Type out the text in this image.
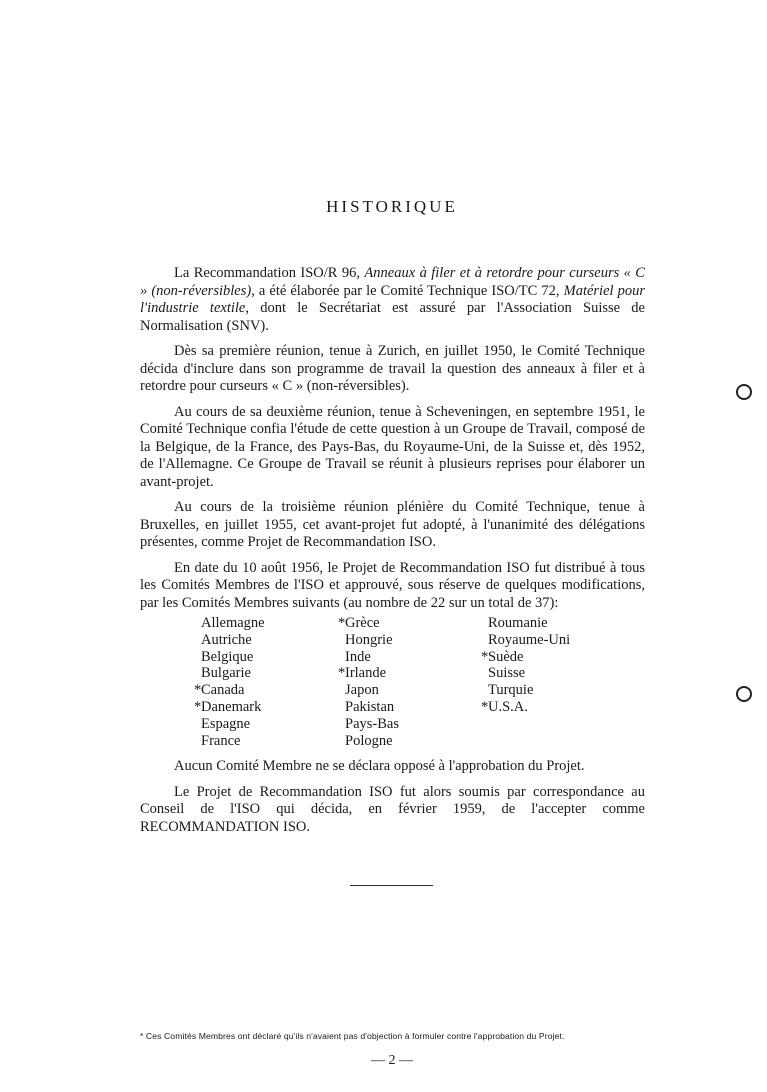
HISTORIQUE

La Recommandation ISO/R 96, Anneaux à filer et à retordre pour curseurs « C » (non-réversibles), a été élaborée par le Comité Technique ISO/TC 72, Matériel pour l'industrie textile, dont le Secrétariat est assuré par l'Association Suisse de Normalisation (SNV).

Dès sa première réunion, tenue à Zurich, en juillet 1950, le Comité Technique décida d'inclure dans son programme de travail la question des anneaux à filer et à retordre pour curseurs « C » (non-réversibles).

Au cours de sa deuxième réunion, tenue à Scheveningen, en septembre 1951, le Comité Technique confia l'étude de cette question à un Groupe de Travail, composé de la Belgique, de la France, des Pays-Bas, du Royaume-Uni, de la Suisse et, dès 1952, de l'Allemagne. Ce Groupe de Travail se réunit à plusieurs reprises pour élaborer un avant-projet.

Au cours de la troisième réunion plénière du Comité Technique, tenue à Bruxelles, en juillet 1955, cet avant-projet fut adopté, à l'unanimité des délégations présentes, comme Projet de Recommandation ISO.

En date du 10 août 1956, le Projet de Recommandation ISO fut distribué à tous les Comités Membres de l'ISO et approuvé, sous réserve de quelques modifications, par les Comités Membres suivants (au nombre de 22 sur un total de 37):

Allemagne
Autriche
Belgique
Bulgarie
*Canada
*Danemark
Espagne
France
*Grèce
Hongrie
Inde
*Irlande
Japon
Pakistan
Pays-Bas
Pologne
Roumanie
Royaume-Uni
*Suède
Suisse
Turquie
*U.S.A.

Aucun Comité Membre ne se déclara opposé à l'approbation du Projet.

Le Projet de Recommandation ISO fut alors soumis par correspondance au Conseil de l'ISO qui décida, en février 1959, de l'accepter comme RECOMMANDATION ISO.

* Ces Comités Membres ont déclaré qu'ils n'avaient pas d'objection à formuler contre l'approbation du Projet.
— 2 —
